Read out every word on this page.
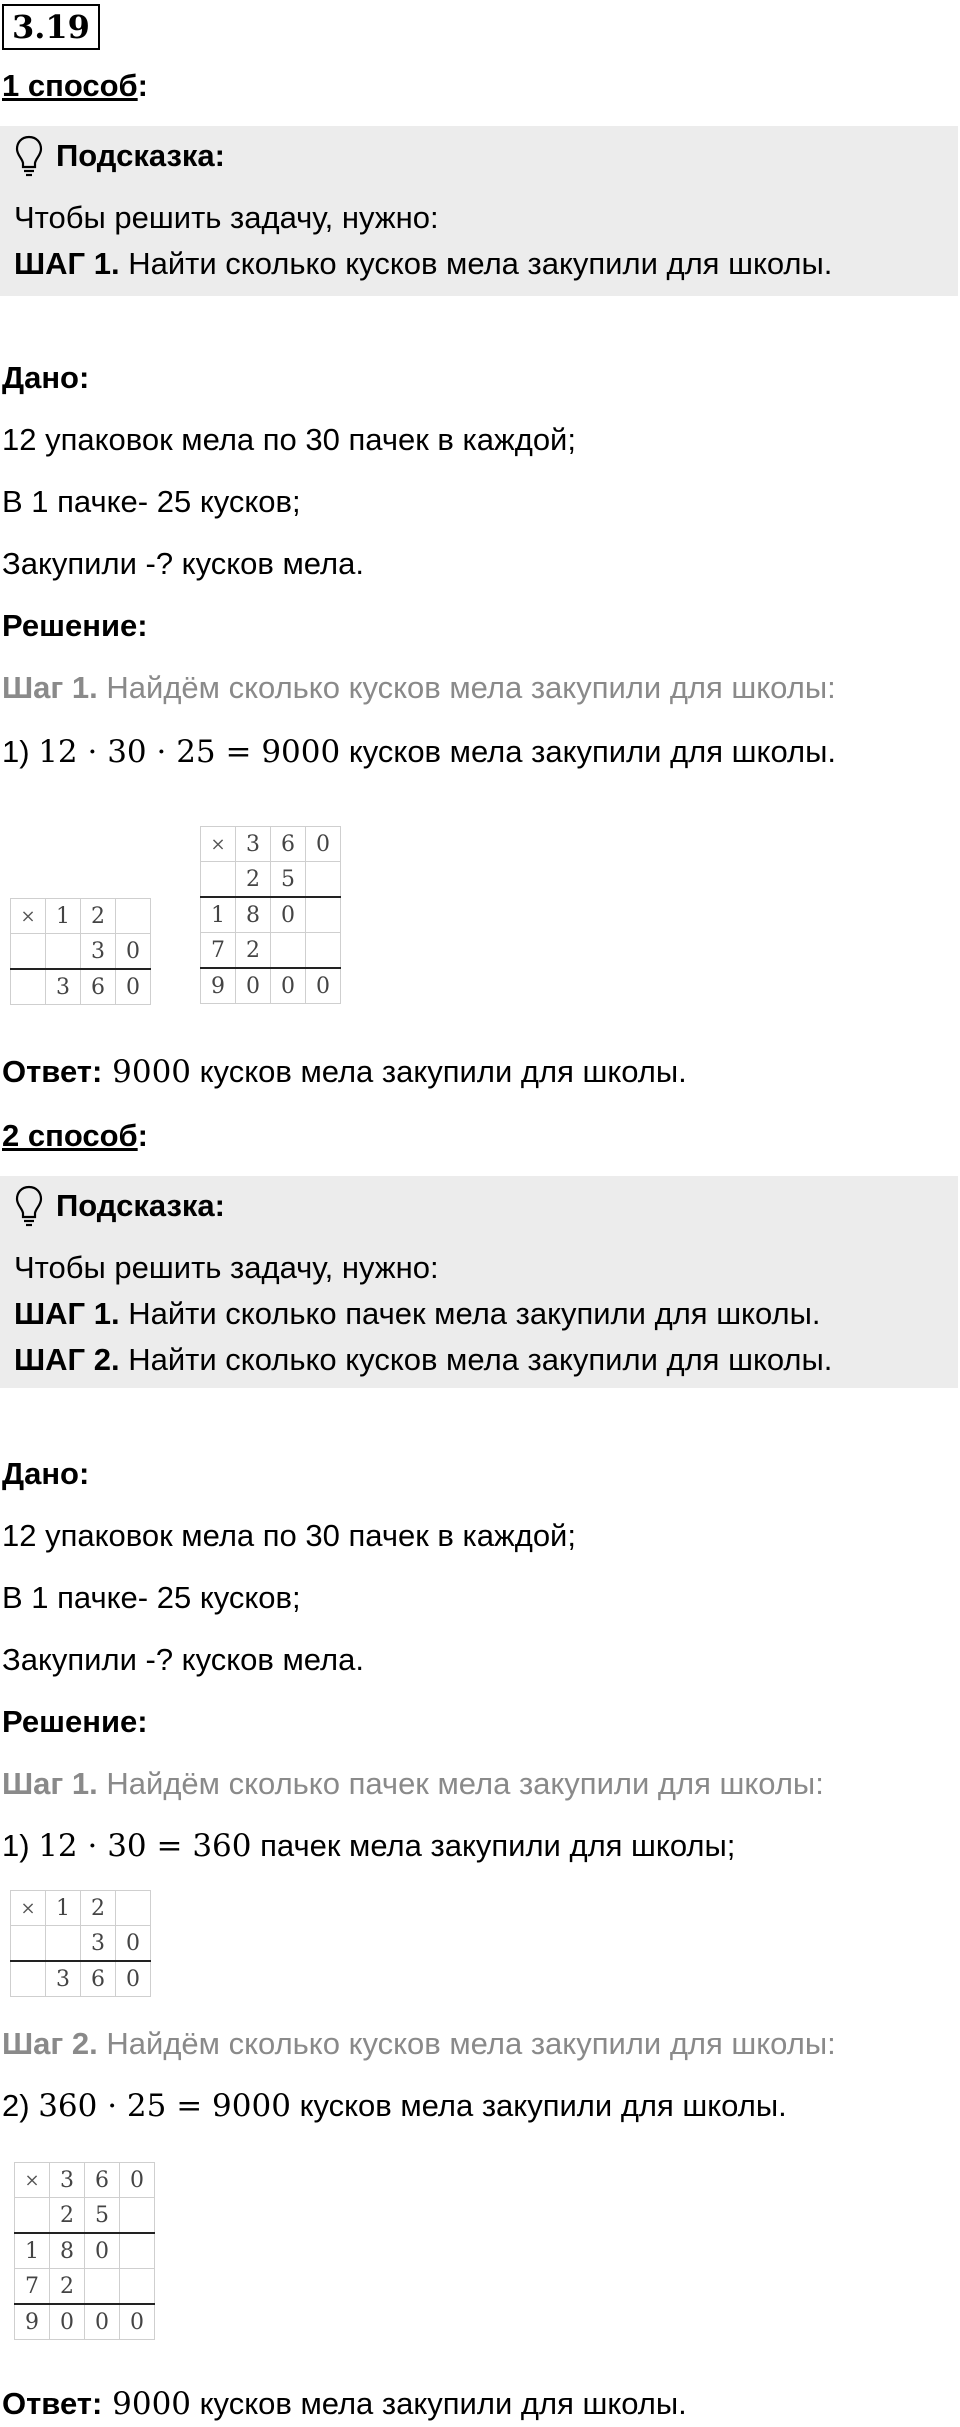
3.19
1 способ:
Подсказка:
Чтобы решить задачу, нужно:
ШАГ 1. Найти сколько кусков мела закупили для школы.
Дано:
12 упаковок мела по 30 пачек в каждой;
В 1 пачке- 25 кусков;
Закупили -? кусков мела.
Решение:
Шаг 1. Найдём сколько кусков мела закупили для школы:
1) 12 · 30 · 25 = 9000 кусков мела закупили для школы.
×	1	2	
		3	0
	3	6	0
×	3	6	0
	2	5	
1	8	0	
7	2		
9	0	0	0
Ответ: 9000 кусков мела закупили для школы.
2 способ:
Подсказка:
Чтобы решить задачу, нужно:
ШАГ 1. Найти сколько пачек мела закупили для школы.
ШАГ 2. Найти сколько кусков мела закупили для школы.
Дано:
12 упаковок мела по 30 пачек в каждой;
В 1 пачке- 25 кусков;
Закупили -? кусков мела.
Решение:
Шаг 1. Найдём сколько пачек мела закупили для школы:
1) 12 · 30 = 360 пачек мела закупили для школы;
×	1	2	
		3	0
	3	6	0
Шаг 2. Найдём сколько кусков мела закупили для школы:
2) 360 · 25 = 9000 кусков мела закупили для школы.
×	3	6	0
	2	5	
1	8	0	
7	2		
9	0	0	0
Ответ: 9000 кусков мела закупили для школы.
